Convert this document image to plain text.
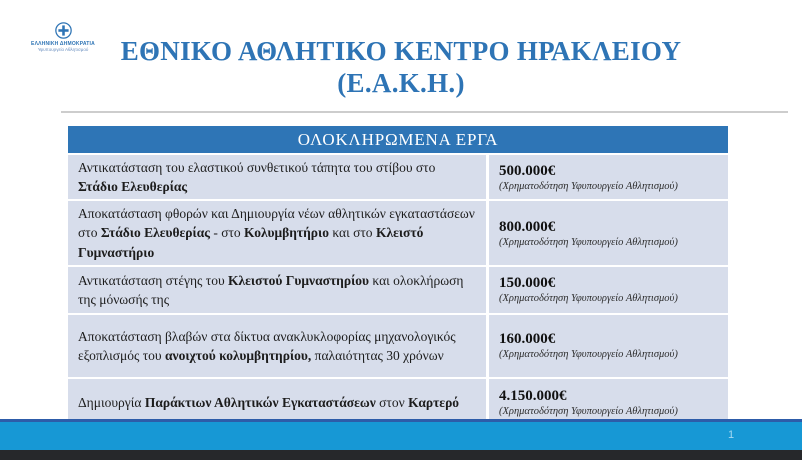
ΕΛΛΗΝΙΚΗ ΔΗΜΟΚΡΑΤΙΑ
Υφυπουργείο Αθλητισμού	ΕΘΝΙΚΟ ΑΘΛΗΤΙΚΟ ΚΕΝΤΡΟ ΗΡΑΚΛΕΙΟΥ
(Ε.Α.Κ.Η.)
ΟΛΟΚΛΗΡΩΜΕΝΑ ΕΡΓΑ
Αντικατάσταση του ελαστικού συνθετικού τάπητα του στίβου στο Στάδιο Ελευθερίας
500.000€
(Χρηματοδότηση Υφυπουργείο Αθλητισμού)
Αποκατάσταση φθορών και Δημιουργία νέων αθλητικών εγκαταστάσεων στο Στάδιο Ελευθερίας - στο Κολυμβητήριο και στο Κλειστό Γυμναστήριο
800.000€
(Χρηματοδότηση Υφυπουργείο Αθλητισμού)
Αντικατάσταση στέγης του Κλειστού Γυμναστηρίου και ολοκλήρωση της μόνωσής της
150.000€
(Χρηματοδότηση Υφυπουργείο Αθλητισμού)
Αποκατάσταση βλαβών στα δίκτυα ανακλυκλοφορίας μηχανολογικός εξοπλισμός του ανοιχτού κολυμβητηρίου, παλαιότητας 30 χρόνων
160.000€
(Χρηματοδότηση Υφυπουργείο Αθλητισμού)
Δημιουργία Παράκτιων Αθλητικών Εγκαταστάσεων στον Καρτερό	4.150.000€
(Χρηματοδότηση Υφυπουργείο Αθλητισμού)
1
